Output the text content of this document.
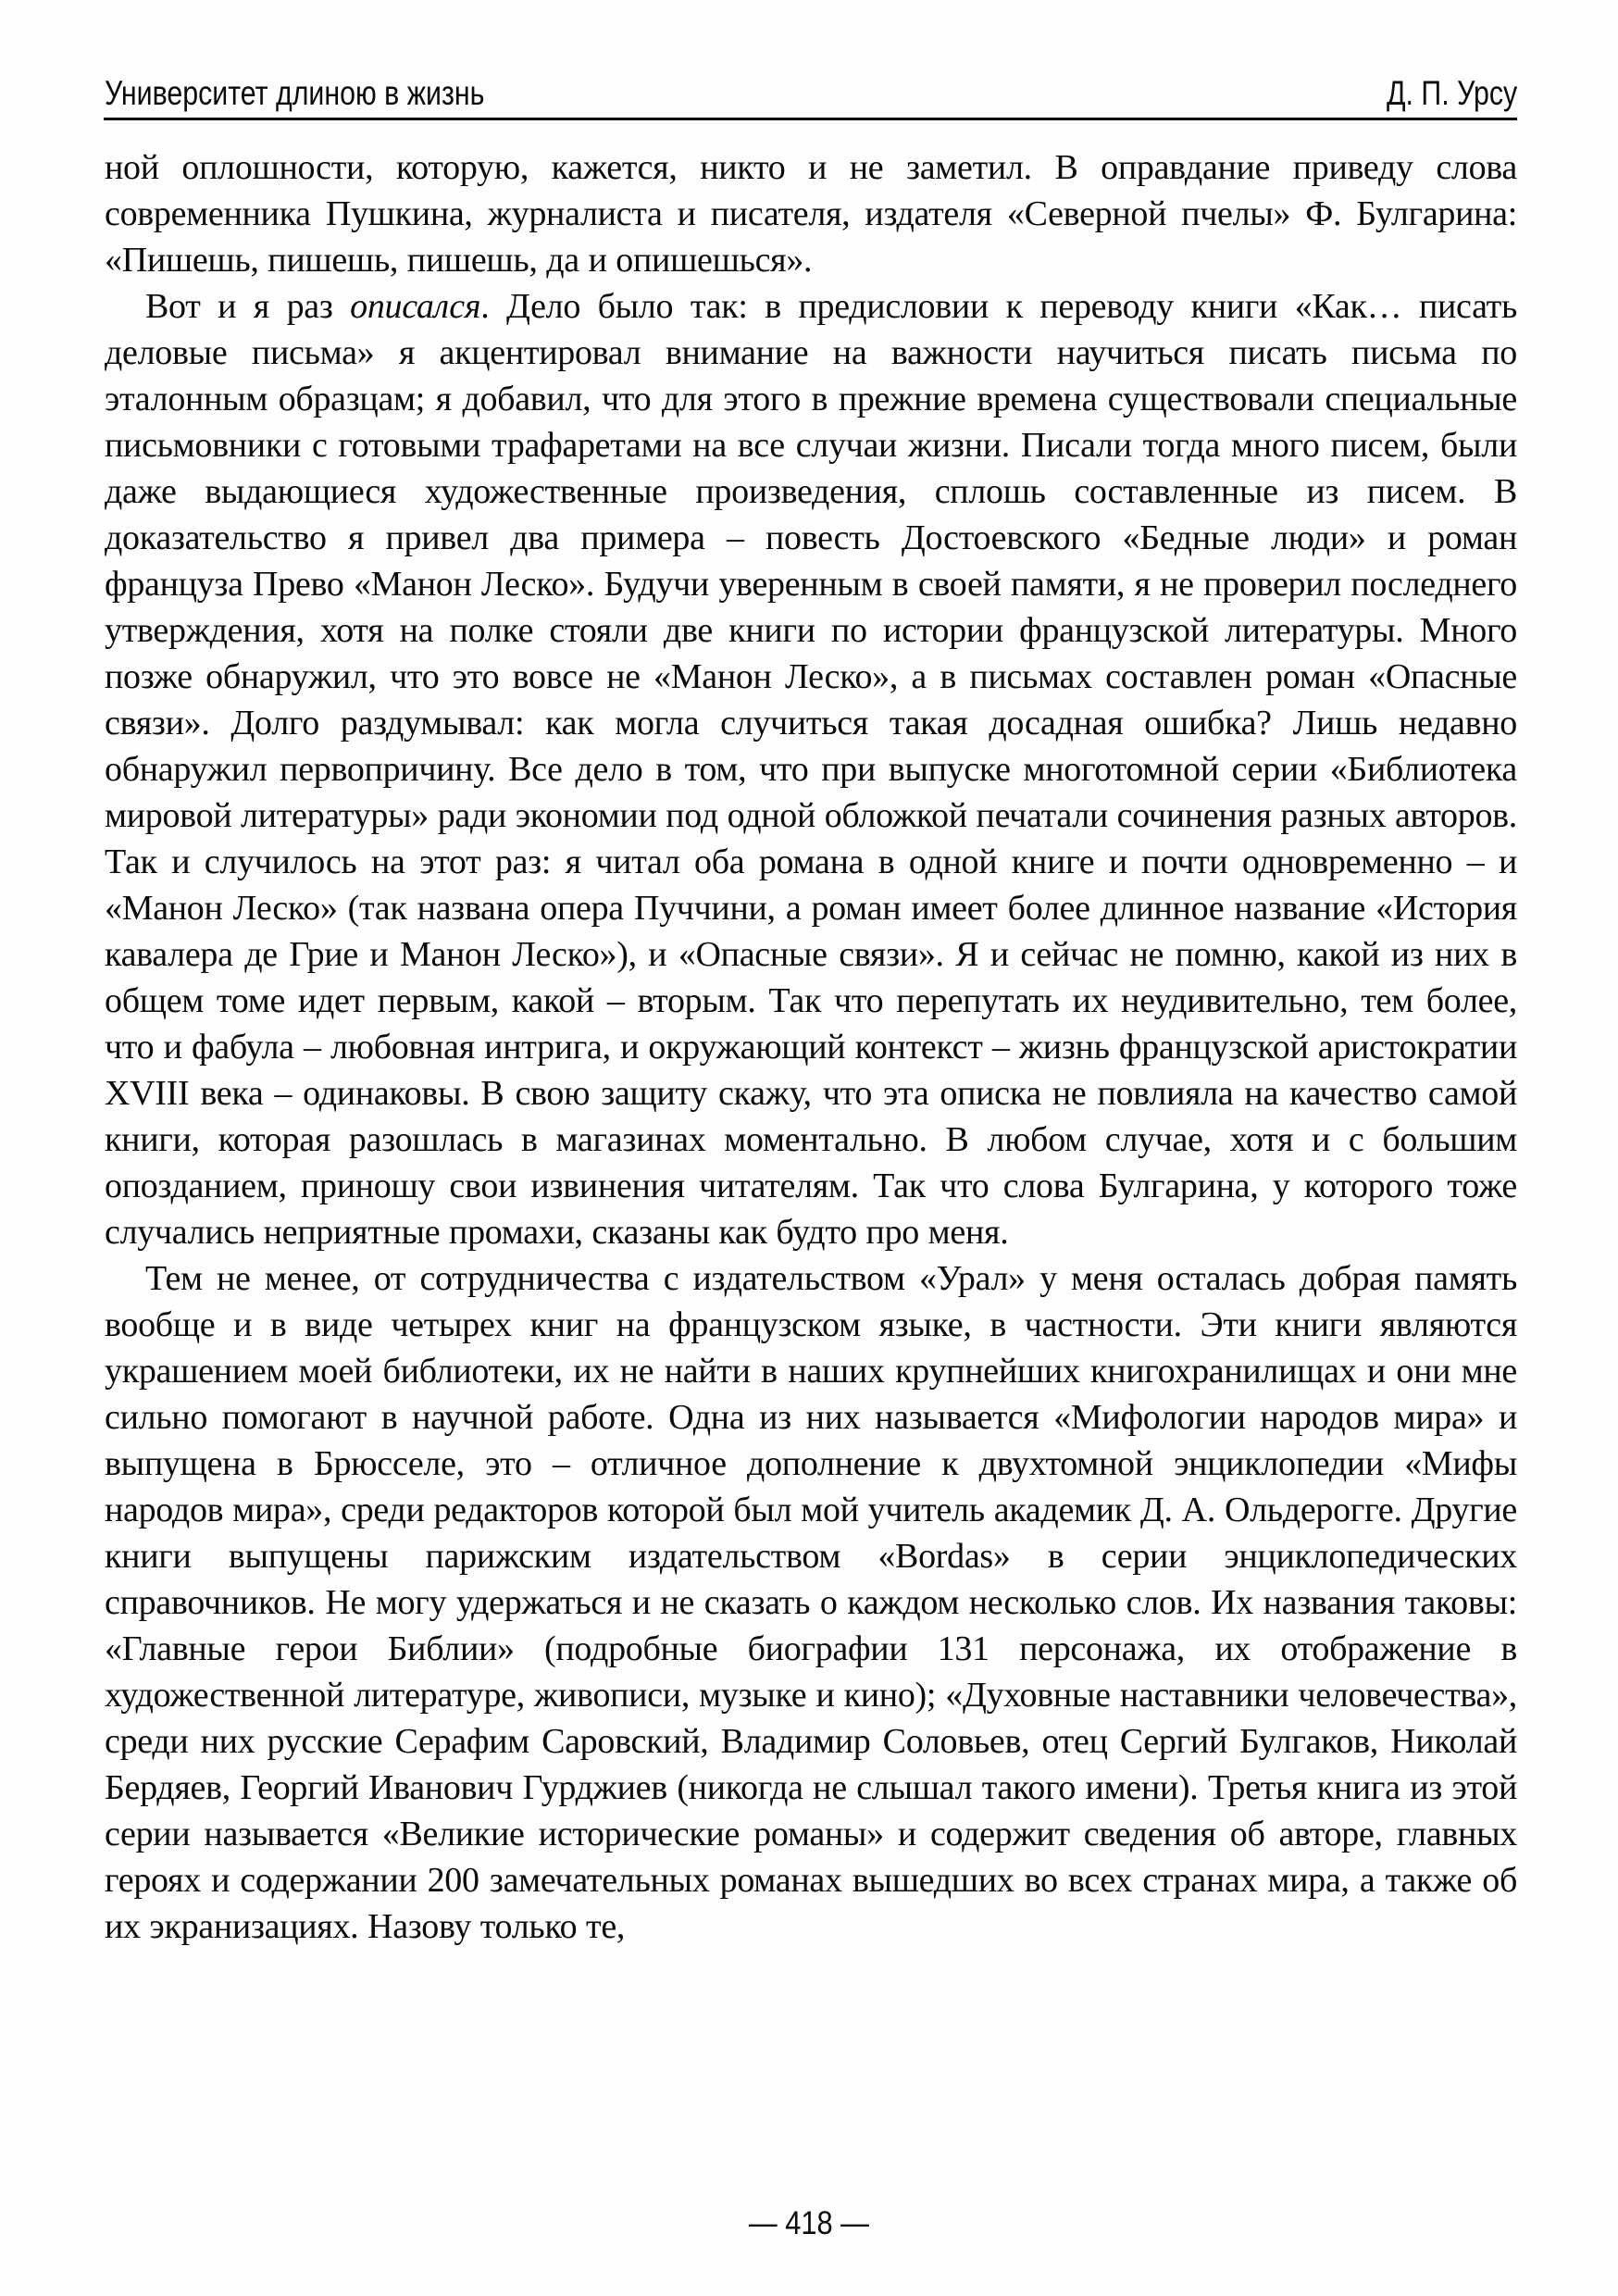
Университет длиною в жизнь	Д. П. Урсу

ной оплошности, которую, кажется, никто и не заметил. В оправдание приведу слова современника Пушкина, журналиста и писателя, издателя «Северной пчелы» Ф. Булгарина: «Пишешь, пишешь, пишешь, да и опишешься».

Вот и я раз описался. Дело было так: в предисловии к переводу книги «Как… писать деловые письма» я акцентировал внимание на важности научиться писать письма по эталонным образцам; я добавил, что для этого в прежние времена существовали специальные письмовники с готовыми трафаретами на все случаи жизни. Писали тогда много писем, были даже выдающиеся художественные произведения, сплошь составленные из писем. В доказательство я привел два примера – повесть Достоевского «Бедные люди» и роман француза Прево «Манон Леско». Будучи уверенным в своей памяти, я не проверил последнего утверждения, хотя на полке стояли две книги по истории французской литературы. Много позже обнаружил, что это вовсе не «Манон Леско», а в письмах составлен роман «Опасные связи». Долго раздумывал: как могла случиться такая досадная ошибка? Лишь недавно обнаружил первопричину. Все дело в том, что при выпуске многотомной серии «Библиотека мировой литературы» ради экономии под одной обложкой печатали сочинения разных авторов. Так и случилось на этот раз: я читал оба романа в одной книге и почти одновременно – и «Манон Леско» (так названа опера Пуччини, а роман имеет более длинное название «История кавалера де Грие и Манон Леско»), и «Опасные связи». Я и сейчас не помню, какой из них в общем томе идет первым, какой – вторым. Так что перепутать их неудивительно, тем более, что и фабула – любовная интрига, и окружающий контекст – жизнь французской аристократии XVIII века – одинаковы. В свою защиту скажу, что эта описка не повлияла на качество самой книги, которая разошлась в магазинах моментально. В любом случае, хотя и с большим опозданием, приношу свои извинения читателям. Так что слова Булгарина, у которого тоже случались неприятные промахи, сказаны как будто про меня.

Тем не менее, от сотрудничества с издательством «Урал» у меня осталась добрая память вообще и в виде четырех книг на французском языке, в частности. Эти книги являются украшением моей библиотеки, их не найти в наших крупнейших книгохранилищах и они мне сильно помогают в научной работе. Одна из них называется «Мифологии народов мира» и выпущена в Брюсселе, это – отличное дополнение к двухтомной энциклопедии «Мифы народов мира», среди редакторов которой был мой учитель академик Д. А. Ольдерогге. Другие книги выпущены парижским издательством «Bordas» в серии энциклопедических справочников. Не могу удержаться и не сказать о каждом несколько слов. Их названия таковы: «Главные герои Библии» (подробные биографии 131 персонажа, их отображение в художественной литературе, живописи, музыке и кино); «Духовные наставники человечества», среди них русские Серафим Саровский, Владимир Соловьев, отец Сергий Булгаков, Николай Бердяев, Георгий Иванович Гурджиев (никогда не слышал такого имени). Третья книга из этой серии называется «Великие исторические романы» и содержит сведения об авторе, главных героях и содержании 200 замечательных романах вышедших во всех странах мира, а также об их экранизациях. Назову только те,

— 418 —
